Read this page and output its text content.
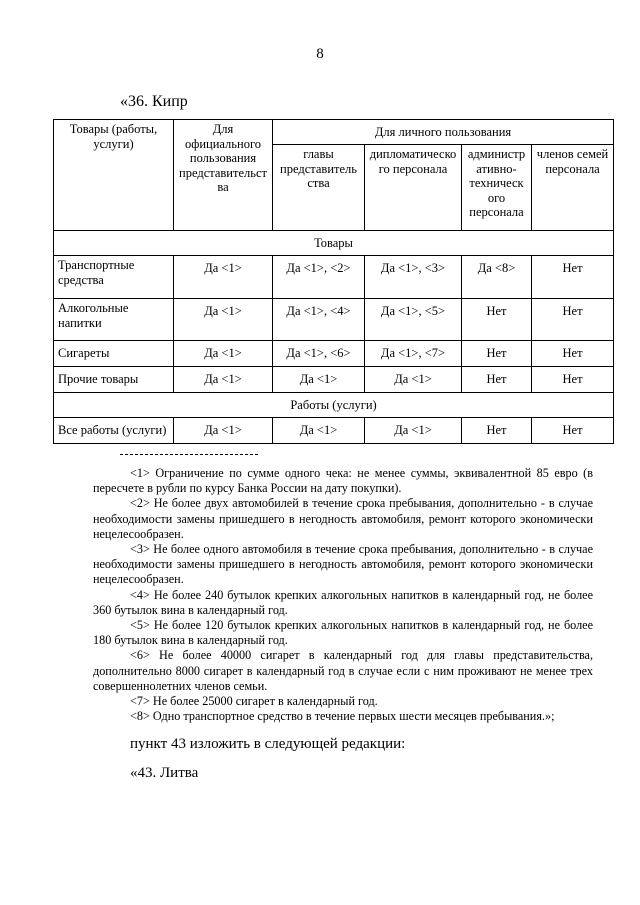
8
«36. Кипр
Товары (работы, услуги)	Для официального пользования представительст ва	Для личного пользования			
		главы представитель ства	дипломатическо го персонала	администр ативно-техническ ого персонала	членов семей персонала
Товары					
Транспортные средства	Да <1>	Да <1>, <2>	Да <1>, <3>	Да <8>	Нет
Алкогольные напитки	Да <1>	Да <1>, <4>	Да <1>, <5>	Нет	Нет
Сигареты	Да <1>	Да <1>, <6>	Да <1>, <7>	Нет	Нет
Прочие товары	Да <1>	Да <1>	Да <1>	Нет	Нет
Работы (услуги)					
Все работы (услуги)	Да <1>	Да <1>	Да <1>	Нет	Нет

<1> Ограничение по сумме одного чека: не менее суммы, эквивалентной 85 евро (в пересчете в рубли по курсу Банка России на дату покупки).

<2> Не более двух автомобилей в течение срока пребывания, дополнительно - в случае необходимости замены пришедшего в негодность автомобиля, ремонт которого экономически нецелесообразен.

<3> Не более одного автомобиля в течение срока пребывания, дополнительно - в случае необходимости замены пришедшего в негодность автомобиля, ремонт которого экономически нецелесообразен.

<4> Не более 240 бутылок крепких алкогольных напитков в календарный год, не более 360 бутылок вина в календарный год.

<5> Не более 120 бутылок крепких алкогольных напитков в календарный год, не более 180 бутылок вина в календарный год.

<6> Не более 40000 сигарет в календарный год для главы представительства, дополнительно 8000 сигарет в календарный год в случае если с ним проживают не менее трех совершеннолетних членов семьи.

<7> Не более 25000 сигарет в календарный год.

<8> Одно транспортное средство в течение первых шести месяцев пребывания.»;

пункт 43 изложить в следующей редакции:
«43. Литва
